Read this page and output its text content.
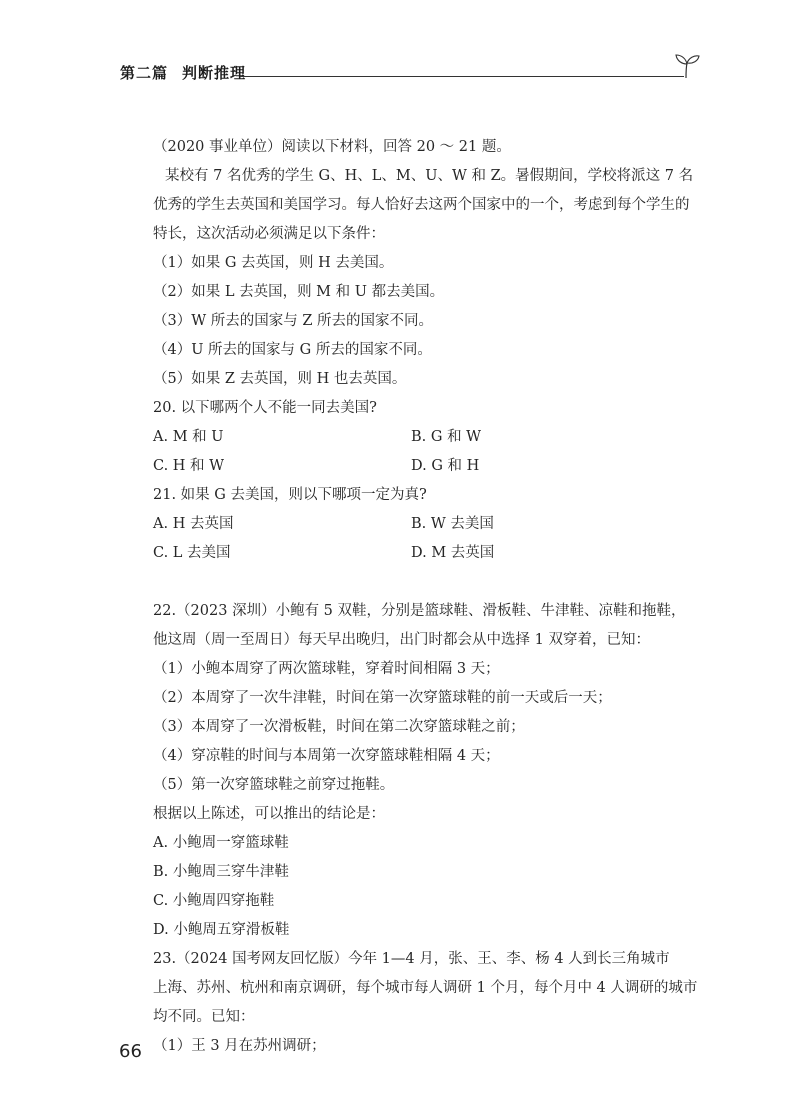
第二篇 判断推理
（2020 事业单位）阅读以下材料，回答 20 ～ 21 题。
某校有 7 名优秀的学生 G、H、L、M、U、W 和 Z。暑假期间，学校将派这 7 名
优秀的学生去英国和美国学习。每人恰好去这两个国家中的一个，考虑到每个学生的
特长，这次活动必须满足以下条件：
（1）如果 G 去英国，则 H 去美国。
（2）如果 L 去英国，则 M 和 U 都去美国。
（3）W 所去的国家与 Z 所去的国家不同。
（4）U 所去的国家与 G 所去的国家不同。
（5）如果 Z 去英国，则 H 也去英国。
20. 以下哪两个人不能一同去美国?
A. M 和 U	B. G 和 W
C. H 和 W	D. G 和 H
21. 如果 G 去美国，则以下哪项一定为真?
A. H 去英国	B. W 去美国
C. L 去美国	D. M 去英国
22.（2023 深圳）小鲍有 5 双鞋，分别是篮球鞋、滑板鞋、牛津鞋、凉鞋和拖鞋，
他这周（周一至周日）每天早出晚归，出门时都会从中选择 1 双穿着，已知：
（1）小鲍本周穿了两次篮球鞋，穿着时间相隔 3 天；
（2）本周穿了一次牛津鞋，时间在第一次穿篮球鞋的前一天或后一天；
（3）本周穿了一次滑板鞋，时间在第二次穿篮球鞋之前；
（4）穿凉鞋的时间与本周第一次穿篮球鞋相隔 4 天；
（5）第一次穿篮球鞋之前穿过拖鞋。
根据以上陈述，可以推出的结论是：
A. 小鲍周一穿篮球鞋
B. 小鲍周三穿牛津鞋
C. 小鲍周四穿拖鞋
D. 小鲍周五穿滑板鞋
23.（2024 国考网友回忆版）今年 1—4 月，张、王、李、杨 4 人到长三角城市
上海、苏州、杭州和南京调研，每个城市每人调研 1 个月，每个月中 4 人调研的城市
均不同。已知：
（1）王 3 月在苏州调研；
66
